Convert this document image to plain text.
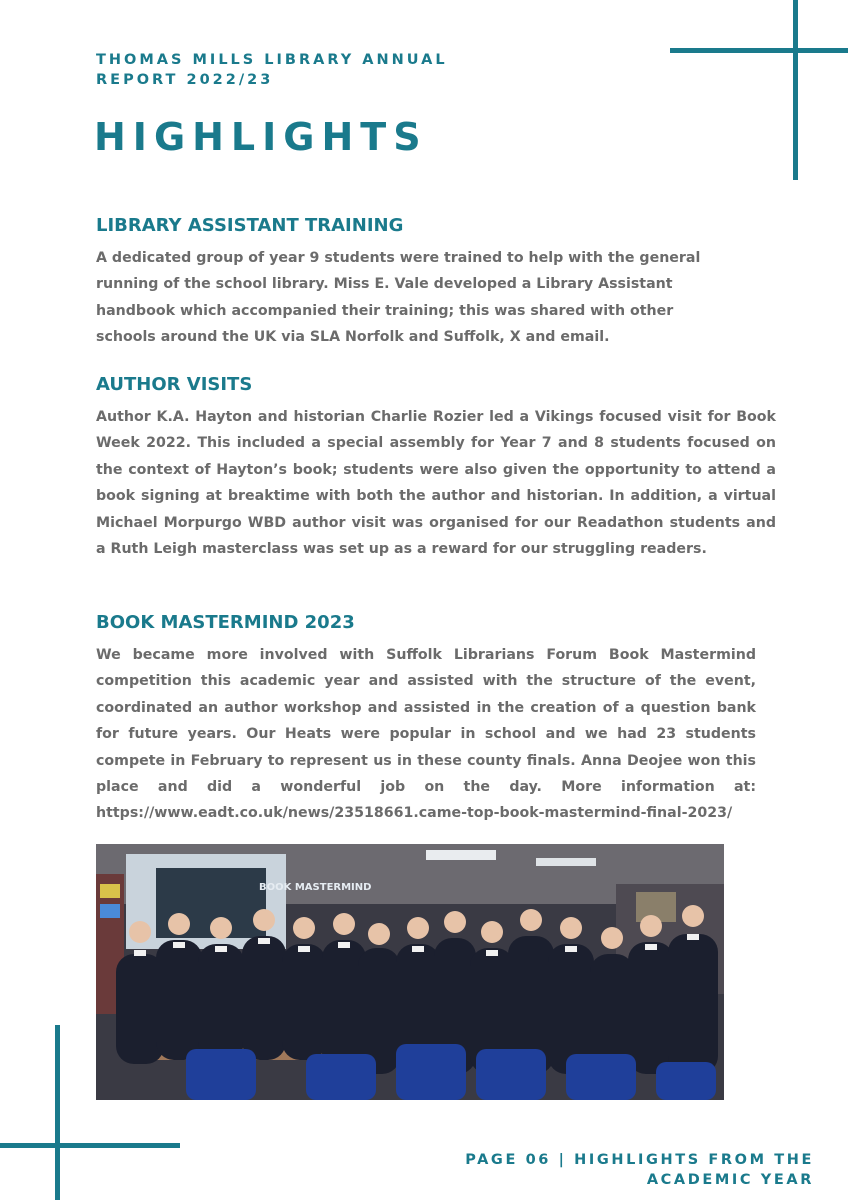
THOMAS MILLS LIBRARY ANNUAL REPORT 2022/23
HIGHLIGHTS
LIBRARY ASSISTANT TRAINING

A dedicated group of year 9 students were trained to help with the general running of the school library. Miss E. Vale developed a Library Assistant handbook which accompanied their training; this was shared with other schools around the UK via SLA Norfolk and Suffolk, X and email.

AUTHOR VISITS

Author K.A. Hayton and historian Charlie Rozier led a Vikings focused visit for Book Week 2022. This included a special assembly for Year 7 and 8 students focused on the context of Hayton’s book; students were also given the opportunity to attend a book signing at breaktime with both the author and historian. In addition, a virtual Michael Morpurgo WBD author visit was organised for our Readathon students and a Ruth Leigh masterclass was set up as a reward for our struggling readers.

BOOK MASTERMIND 2023

We became more involved with Suffolk Librarians Forum Book Mastermind competition this academic year and assisted with the structure of the event, coordinated an author workshop and assisted in the creation of a question bank for future years. Our Heats were popular in school and we had 23 students compete in February to represent us in these county finals. Anna Deojee won this place and did a wonderful job on the day. More information at: https://www.eadt.co.uk/news/23518661.came-top-book-mastermind-final-2023/

BOOK MASTERMIND

PAGE 06 | HIGHLIGHTS FROM THE ACADEMIC YEAR
